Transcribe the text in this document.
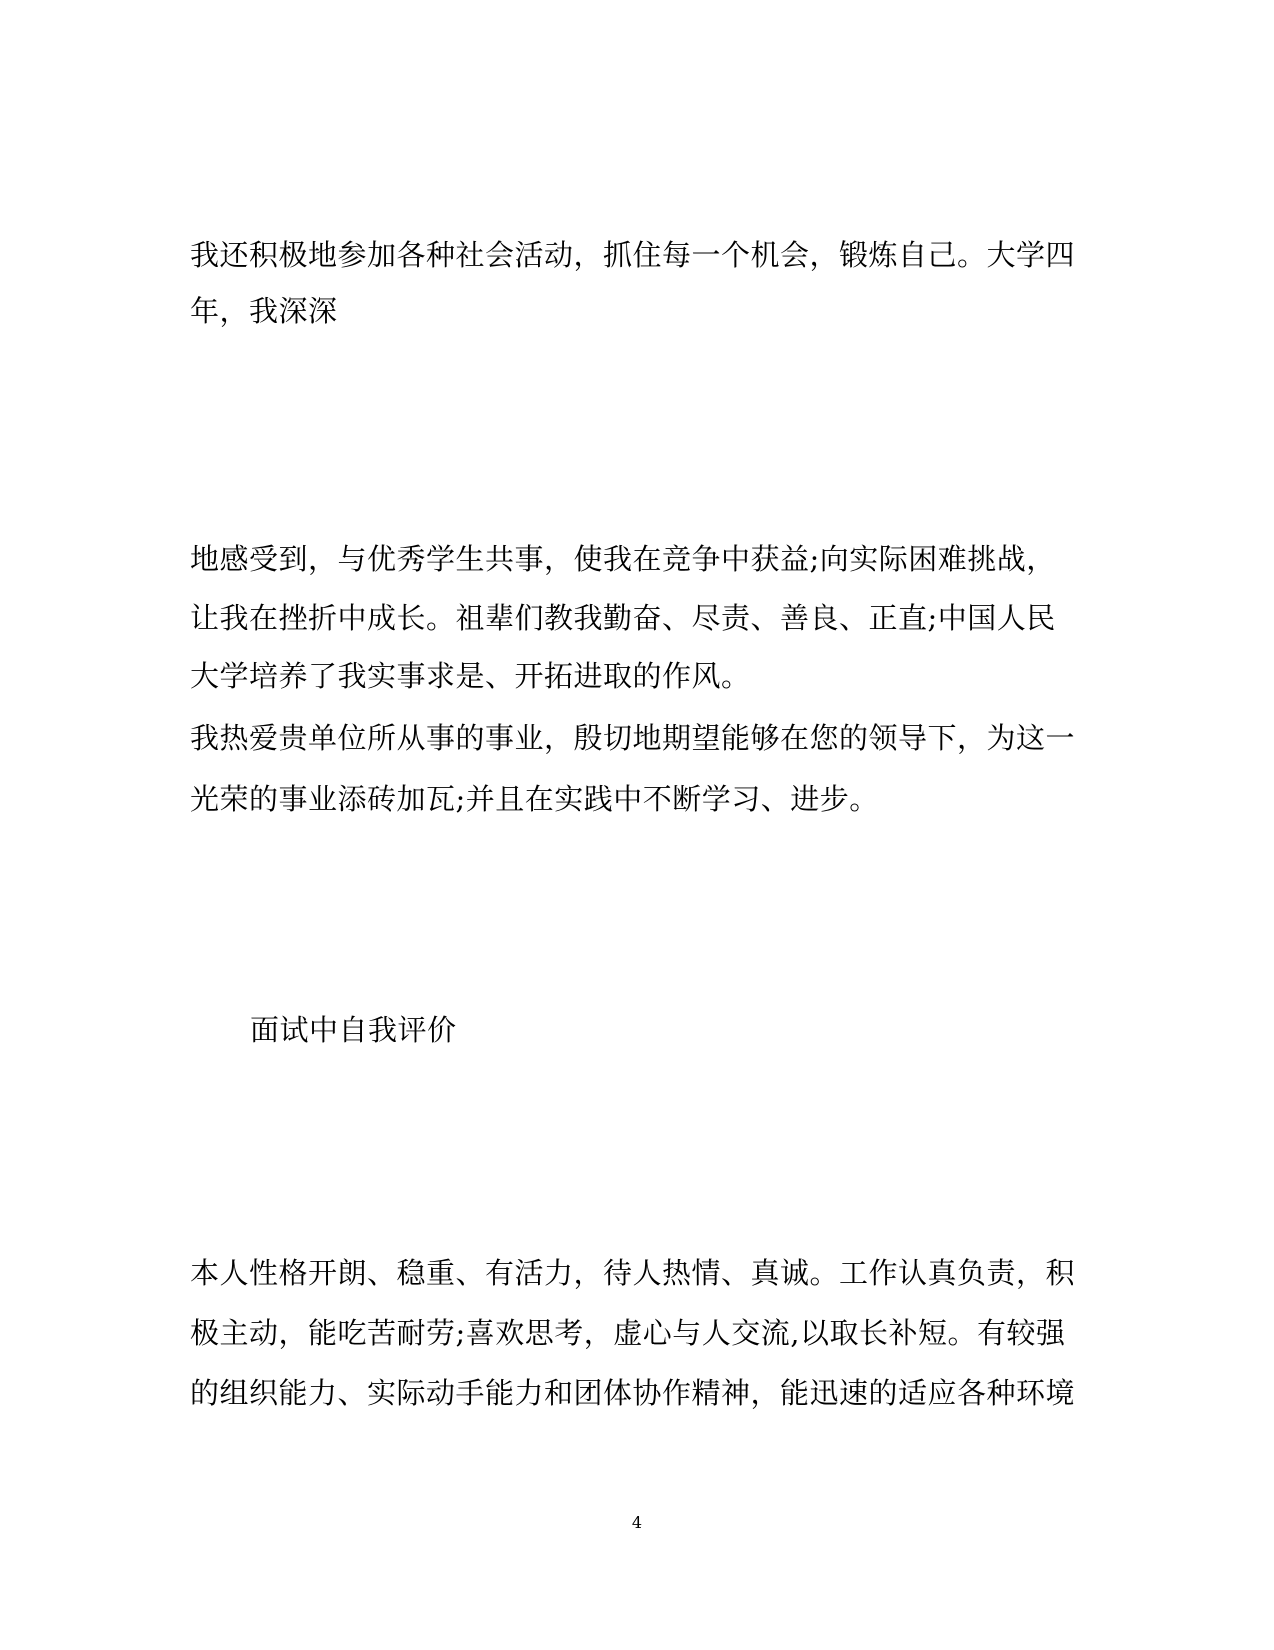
我还积极地参加各种社会活动，抓住每一个机会，锻炼自己。大学四
年，我深深
地感受到，与优秀学生共事，使我在竞争中获益;向实际困难挑战，
让我在挫折中成长。祖辈们教我勤奋、尽责、善良、正直;中国人民
大学培养了我实事求是、开拓进取的作风。
我热爱贵单位所从事的事业，殷切地期望能够在您的领导下，为这一
光荣的事业添砖加瓦;并且在实践中不断学习、进步。
面试中自我评价
本人性格开朗、稳重、有活力，待人热情、真诚。工作认真负责，积
极主动，能吃苦耐劳;喜欢思考，虚心与人交流,以取长补短。有较强
的组织能力、实际动手能力和团体协作精神，能迅速的适应各种环境
4
